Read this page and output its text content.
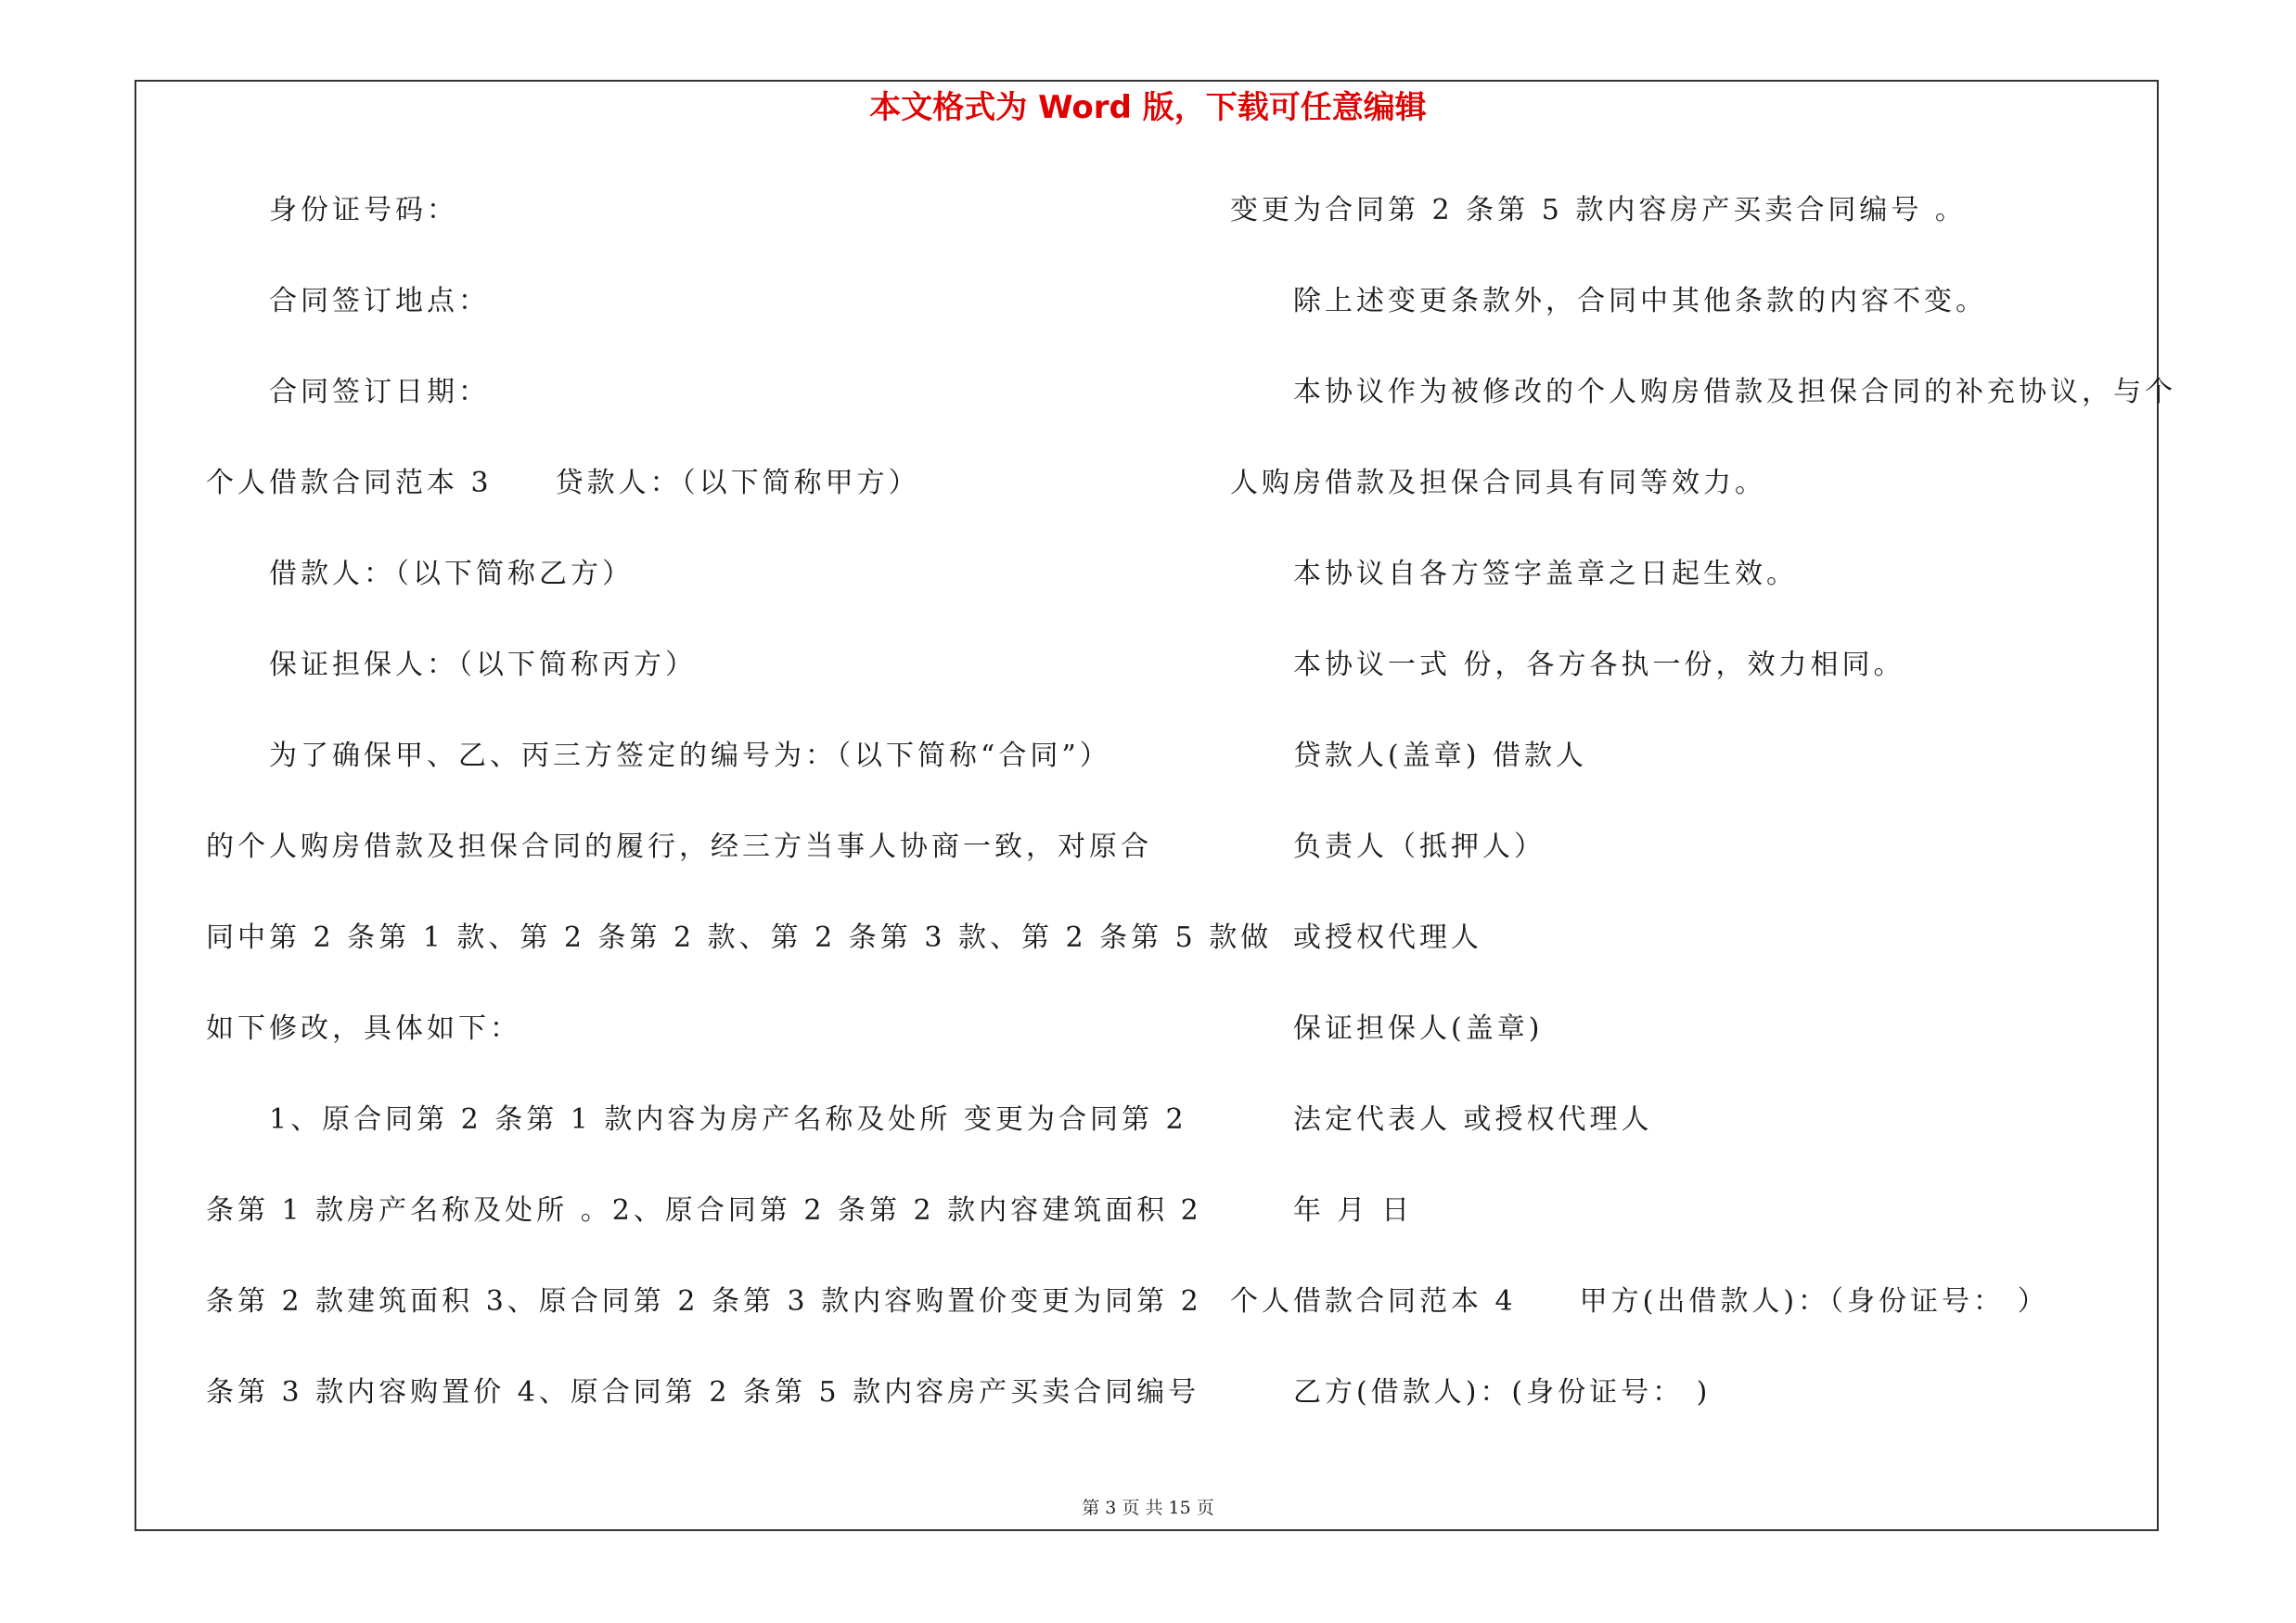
本文格式为 Word 版，下载可任意编辑
身份证号码：
合同签订地点：
合同签订日期：
个人借款合同范本 3　　贷款人：（以下简称甲方）
借款人：（以下简称乙方）
保证担保人：（以下简称丙方）
为了确保甲、乙、丙三方签定的编号为：（以下简称“合同”）
的个人购房借款及担保合同的履行，经三方当事人协商一致，对原合
同中第 2 条第 1 款、第 2 条第 2 款、第 2 条第 3 款、第 2 条第 5 款做
如下修改，具体如下：
1、原合同第 2 条第 1 款内容为房产名称及处所 变更为合同第 2
条第 1 款房产名称及处所 。2、原合同第 2 条第 2 款内容建筑面积 2
条第 2 款建筑面积 3、原合同第 2 条第 3 款内容购置价变更为同第 2
条第 3 款内容购置价 4、原合同第 2 条第 5 款内容房产买卖合同编号
变更为合同第 2 条第 5 款内容房产买卖合同编号 。
除上述变更条款外，合同中其他条款的内容不变。
本协议作为被修改的个人购房借款及担保合同的补充协议，与个
人购房借款及担保合同具有同等效力。
本协议自各方签字盖章之日起生效。
本协议一式 份，各方各执一份，效力相同。
贷款人(盖章) 借款人
负责人（抵押人）
或授权代理人
保证担保人(盖章)
法定代表人 或授权代理人
年 月 日
个人借款合同范本 4　　甲方(出借款人)：（身份证号： ）
乙方(借款人)：(身份证号： )
第 3 页 共 15 页
